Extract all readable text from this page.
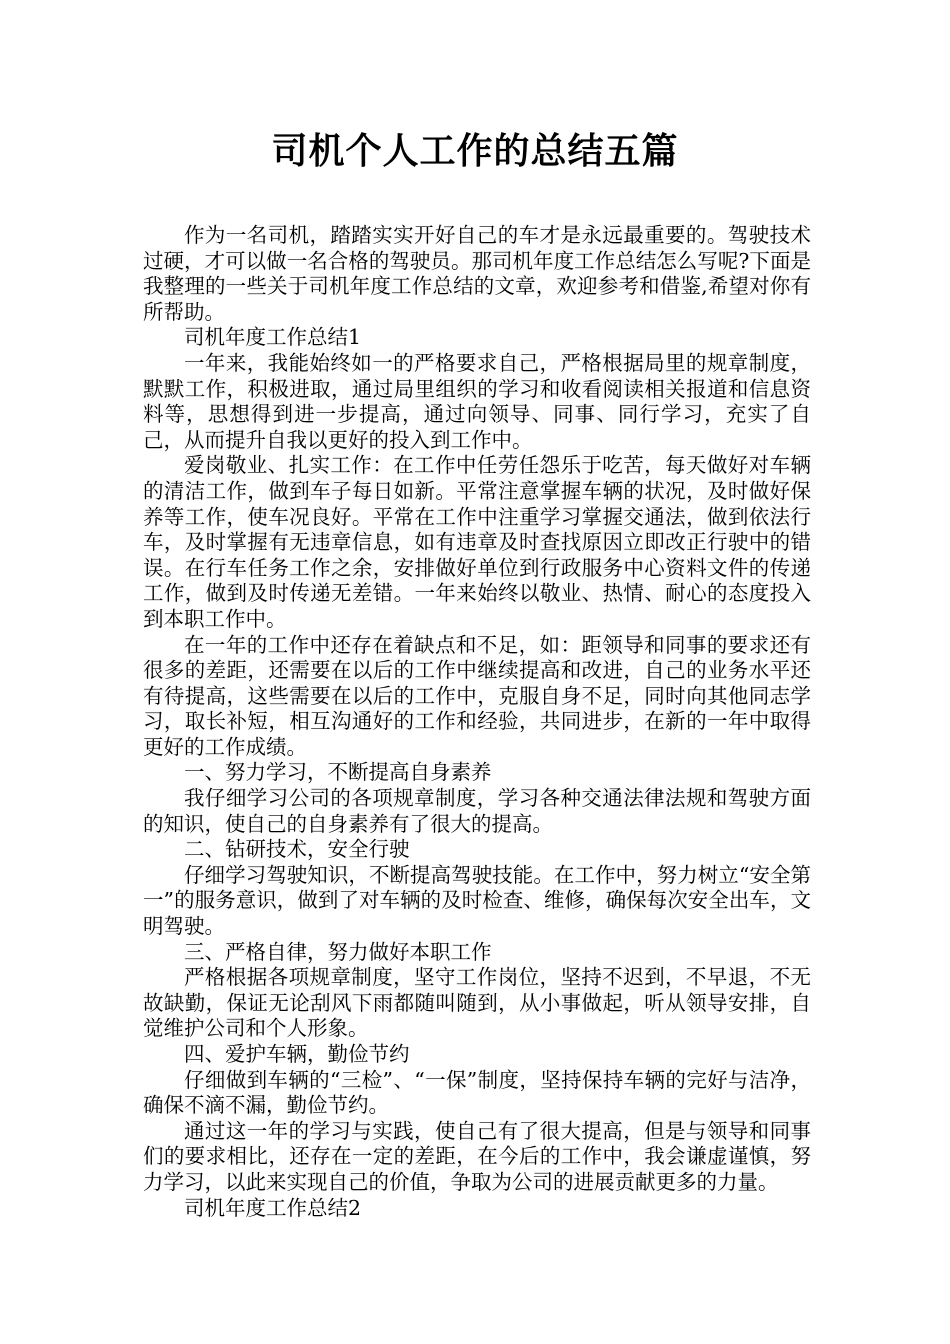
司机个人工作的总结五篇

作为一名司机，踏踏实实开好自己的车才是永远最重要的。驾驶技术过硬，才可以做一名合格的驾驶员。那司机年度工作总结怎么写呢?下面是我整理的一些关于司机年度工作总结的文章，欢迎参考和借鉴,希望对你有所帮助。

司机年度工作总结1

一年来，我能始终如一的严格要求自己，严格根据局里的规章制度，默默工作，积极进取，通过局里组织的学习和收看阅读相关报道和信息资料等，思想得到进一步提高，通过向领导、同事、同行学习，充实了自己，从而提升自我以更好的投入到工作中。

爱岗敬业、扎实工作：在工作中任劳任怨乐于吃苦，每天做好对车辆的清洁工作，做到车子每日如新。平常注意掌握车辆的状况，及时做好保养等工作，使车况良好。平常在工作中注重学习掌握交通法，做到依法行车，及时掌握有无违章信息，如有违章及时查找原因立即改正行驶中的错误。在行车任务工作之余，安排做好单位到行政服务中心资料文件的传递工作，做到及时传递无差错。一年来始终以敬业、热情、耐心的态度投入到本职工作中。

在一年的工作中还存在着缺点和不足，如：距领导和同事的要求还有很多的差距，还需要在以后的工作中继续提高和改进，自己的业务水平还有待提高，这些需要在以后的工作中，克服自身不足，同时向其他同志学习，取长补短，相互沟通好的工作和经验，共同进步，在新的一年中取得更好的工作成绩。

一、努力学习，不断提高自身素养

我仔细学习公司的各项规章制度，学习各种交通法律法规和驾驶方面的知识，使自己的自身素养有了很大的提高。

二、钻研技术，安全行驶

仔细学习驾驶知识，不断提高驾驶技能。在工作中，努力树立“安全第一”的服务意识，做到了对车辆的及时检查、维修，确保每次安全出车，文明驾驶。

三、严格自律，努力做好本职工作

严格根据各项规章制度，坚守工作岗位，坚持不迟到，不早退，不无故缺勤，保证无论刮风下雨都随叫随到，从小事做起，听从领导安排，自觉维护公司和个人形象。

四、爱护车辆，勤俭节约

仔细做到车辆的“三检”、“一保”制度，坚持保持车辆的完好与洁净，确保不滴不漏，勤俭节约。

通过这一年的学习与实践，使自己有了很大提高，但是与领导和同事们的要求相比，还存在一定的差距，在今后的工作中，我会谦虚谨慎，努力学习，以此来实现自己的价值，争取为公司的进展贡献更多的力量。

司机年度工作总结2
